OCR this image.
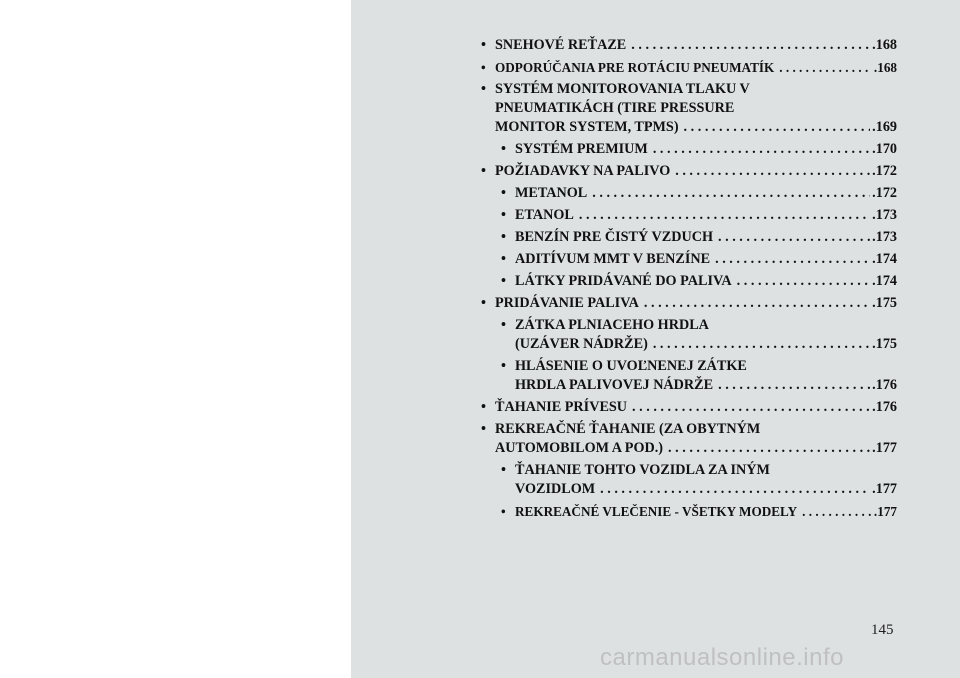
• SNEHOVÉ REŤAZE . . .	.168
• ODPORÚČANIA PRE ROTÁCIU PNEUMATÍK . . .	.168
• SYSTÉM MONITOROVANIA TLAKU V
PNEUMATIKÁCH (TIRE PRESSURE
MONITOR SYSTEM, TPMS) . . .	.169
• SYSTÉM PREMIUM . . .	.170
• POŽIADAVKY NA PALIVO . . .	.172
• METANOL . . .	.172
• ETANOL . . .	.173
• BENZÍN PRE ČISTÝ VZDUCH . . .	.173
• ADITÍVUM MMT V BENZÍNE . . .	.174
• LÁTKY PRIDÁVANÉ DO PALIVA . . .	.174
• PRIDÁVANIE PALIVA . . .	.175
• ZÁTKA PLNIACEHO HRDLA
(UZÁVER NÁDRŽE) . . .	.175
• HLÁSENIE O UVOĽNENEJ ZÁTKE
HRDLA PALIVOVEJ NÁDRŽE . . .	.176
• ŤAHANIE PRÍVESU . . .	.176
• REKREAČNÉ ŤAHANIE (ZA OBYTNÝM
AUTOMOBILOM A POD.) . . .	.177
• ŤAHANIE TOHTO VOZIDLA ZA INÝM
VOZIDLOM . . .	.177
• REKREAČNÉ VLEČENIE - VŠETKY MODELY . . .	.177
145
carmanualsonline.info
